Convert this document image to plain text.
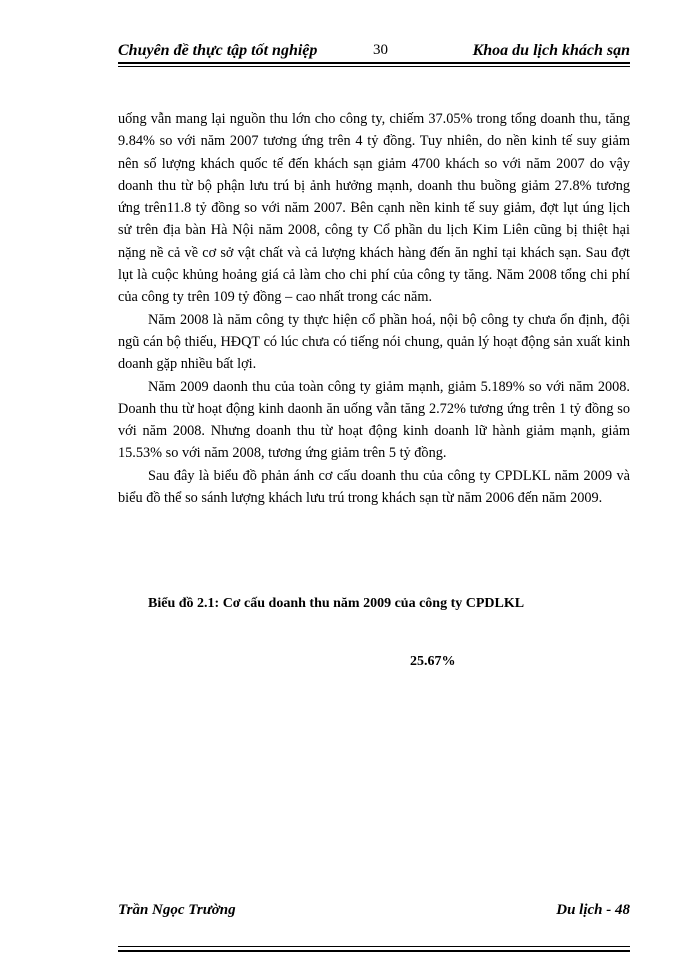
Chuyên đề thực tập tốt nghiệp	30	Khoa du lịch khách sạn

uống vẫn mang lại nguồn thu lớn cho công ty, chiếm 37.05% trong tổng doanh thu, tăng 9.84% so với năm 2007 tương ứng trên 4 tỷ đồng. Tuy nhiên, do nền kinh tế suy giảm nên số lượng khách quốc tế đến khách sạn giảm 4700 khách so với năm 2007 do vậy doanh thu từ bộ phận lưu trú bị ảnh hưởng mạnh, doanh thu buồng giảm 27.8% tương ứng trên11.8 tỷ đồng so với năm 2007. Bên cạnh nền kinh tế suy giảm, đợt lụt úng lịch sử trên địa bàn Hà Nội năm 2008, công ty Cổ phần du lịch Kim Liên cũng bị thiệt hại nặng nề cả về cơ sở vật chất và cả lượng khách hàng đến ăn nghỉ tại khách sạn. Sau đợt lụt là cuộc khủng hoảng giá cả làm cho chi phí của công ty tăng. Năm 2008 tổng chi phí của công ty trên 109 tỷ đồng – cao nhất trong các năm.

Năm 2008 là năm công ty thực hiện cổ phần hoá, nội bộ công ty chưa ổn định, đội ngũ cán bộ thiếu, HĐQT có lúc chưa có tiếng nói chung, quản lý hoạt động sản xuất kinh doanh gặp nhiều bất lợi.

Năm 2009 daonh thu của toàn công ty giảm mạnh, giảm 5.189% so với năm 2008. Doanh thu từ hoạt động kinh daonh ăn uống vẫn tăng 2.72% tương ứng trên 1 tỷ đồng so với năm 2008. Nhưng doanh thu từ hoạt động kinh doanh lữ hành giảm mạnh, giảm 15.53% so với năm 2008, tương ứng giảm trên 5 tỷ đồng.

Sau đây là biểu đồ phản ánh cơ cấu doanh thu của công ty CPDLKL năm 2009 và biểu đồ thể so sánh lượng khách lưu trú trong khách sạn từ năm 2006 đến năm 2009.

Biểu đồ 2.1: Cơ cấu doanh thu năm 2009 của công ty CPDLKL
25.67%
Trần Ngọc Trường	Du lịch - 48
